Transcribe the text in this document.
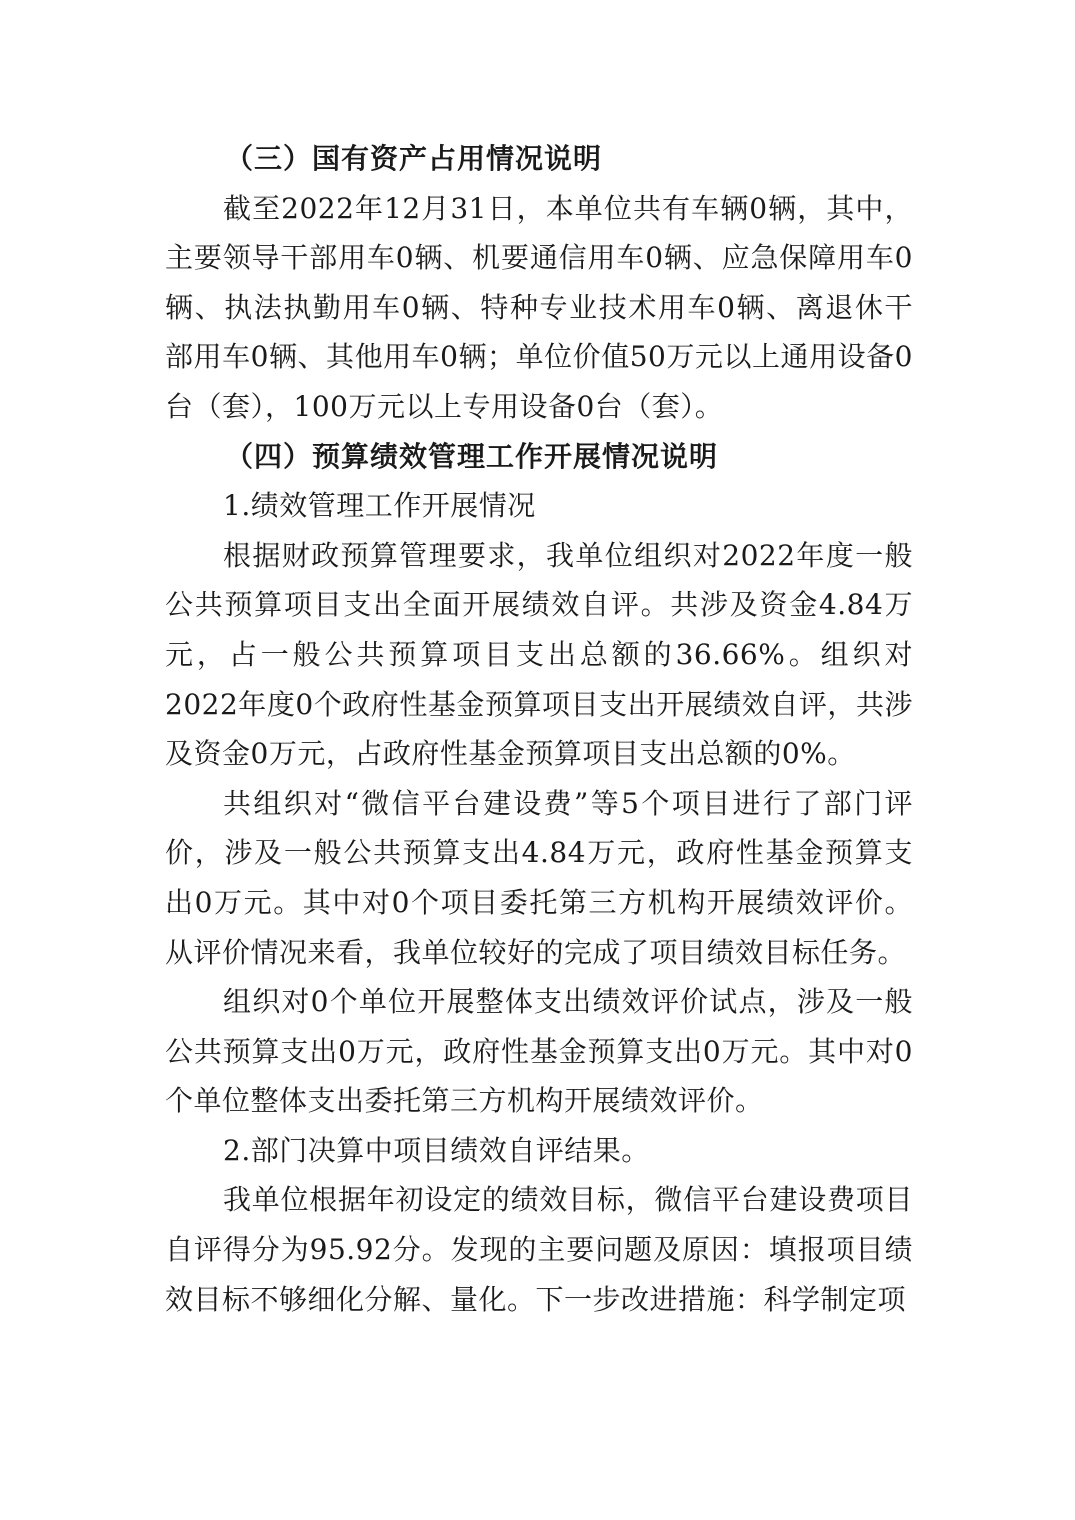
（三）国有资产占用情况说明

截至2022年12月31日，本单位共有车辆0辆，其中，主要领导干部用车0辆、机要通信用车0辆、应急保障用车0辆、执法执勤用车0辆、特种专业技术用车0辆、离退休干部用车0辆、其他用车0辆；单位价值50万元以上通用设备0台（套），100万元以上专用设备0台（套）。

（四）预算绩效管理工作开展情况说明

1.绩效管理工作开展情况

根据财政预算管理要求，我单位组织对2022年度一般公共预算项目支出全面开展绩效自评。共涉及资金4.84万元，占一般公共预算项目支出总额的36.66%。组织对2022年度0个政府性基金预算项目支出开展绩效自评，共涉及资金0万元，占政府性基金预算项目支出总额的0%。

共组织对“微信平台建设费”等5个项目进行了部门评价，涉及一般公共预算支出4.84万元，政府性基金预算支出0万元。其中对0个项目委托第三方机构开展绩效评价。从评价情况来看，我单位较好的完成了项目绩效目标任务。

组织对0个单位开展整体支出绩效评价试点，涉及一般公共预算支出0万元，政府性基金预算支出0万元。其中对0个单位整体支出委托第三方机构开展绩效评价。

2.部门决算中项目绩效自评结果。

我单位根据年初设定的绩效目标，微信平台建设费项目自评得分为95.92分。发现的主要问题及原因：填报项目绩效目标不够细化分解、量化。下一步改进措施：科学制定项
